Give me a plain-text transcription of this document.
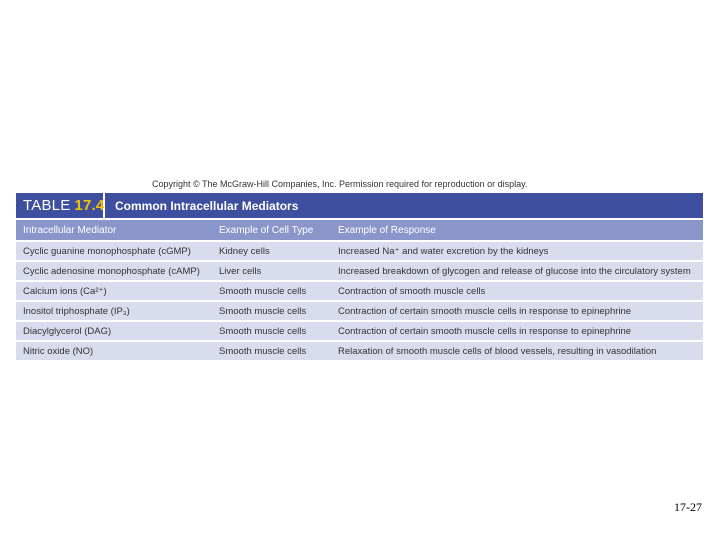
Copyright © The McGraw-Hill Companies, Inc. Permission required for reproduction or display.
TABLE 17.4 Common Intracellular Mediators
Intracellular Mediator	Example of Cell Type	Example of Response
Cyclic guanine monophosphate (cGMP)	Kidney cells	Increased Na⁺ and water excretion by the kidneys
Cyclic adenosine monophosphate (cAMP)	Liver cells	Increased breakdown of glycogen and release of glucose into the circulatory system
Calcium ions (Ca²⁺)	Smooth muscle cells	Contraction of smooth muscle cells
Inositol triphosphate (IP₃)	Smooth muscle cells	Contraction of certain smooth muscle cells in response to epinephrine
Diacylglycerol (DAG)	Smooth muscle cells	Contraction of certain smooth muscle cells in response to epinephrine
Nitric oxide (NO)	Smooth muscle cells	Relaxation of smooth muscle cells of blood vessels, resulting in vasodilation
17-27
